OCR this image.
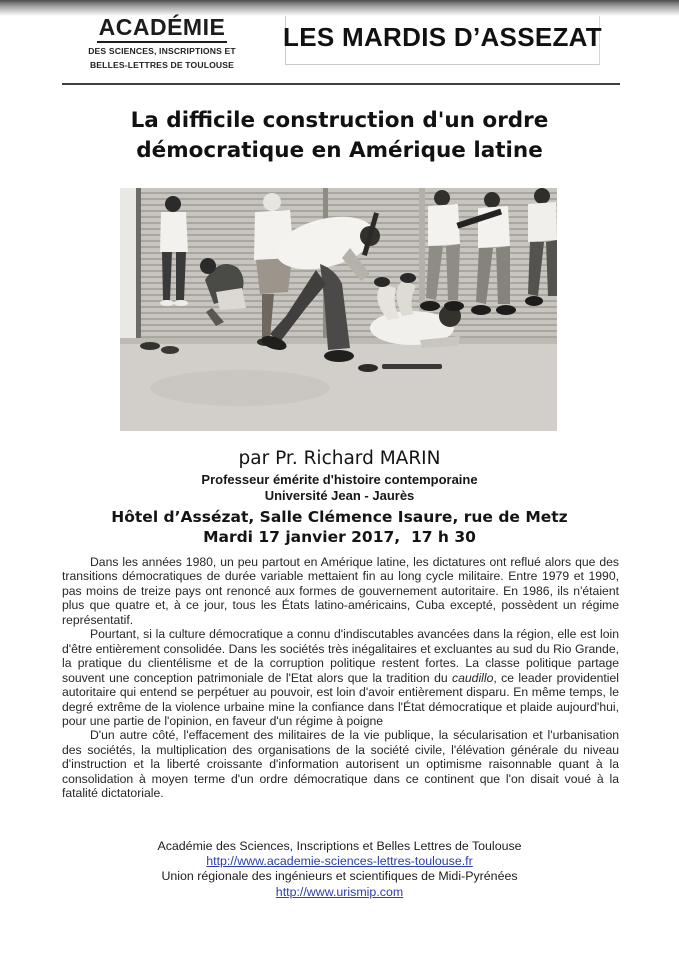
ACADÉMIE
DES SCIENCES, INSCRIPTIONS ET
BELLES-LETTRES DE TOULOUSE
LES MARDIS D’ASSEZAT
La difficile construction d'un ordre
démocratique en Amérique latine
par Pr. Richard MARIN
Professeur émérite d'histoire contemporaine
Université Jean - Jaurès
Hôtel d’Assézat, Salle Clémence Isaure, rue de Metz
Mardi 17 janvier 2017,  17 h 30

Dans les années 1980, un peu partout en Amérique latine, les dictatures ont reflué alors que des transitions démocratiques de durée variable mettaient fin au long cycle militaire. Entre 1979 et 1990, pas moins de treize pays ont renoncé aux formes de gouvernement autoritaire. En 1986, ils n'étaient plus que quatre et, à ce jour, tous les États latino-américains, Cuba excepté, possèdent un régime représentatif.

Pourtant, si la culture démocratique a connu d'indiscutables avancées dans la région, elle est loin d'être entièrement consolidée. Dans les sociétés très inégalitaires et excluantes au sud du Rio Grande, la pratique du clientélisme et de la corruption politique restent fortes. La classe politique partage souvent une conception patrimoniale de l'Etat alors que la tradition du caudillo, ce leader providentiel autoritaire qui entend se perpétuer au pouvoir, est loin d'avoir entièrement disparu. En même temps, le degré extrême de la violence urbaine mine la confiance dans l'État démocratique et plaide aujourd'hui, pour une partie de l'opinion, en faveur d'un régime à poigne

D'un autre côté, l'effacement des militaires de la vie publique, la sécularisation et l'urbanisation des sociétés, la multiplication des organisations de la société civile, l'élévation générale du niveau d'instruction et la liberté croissante d'information autorisent un optimisme raisonnable quant à la consolidation à moyen terme d'un ordre démocratique dans ce continent que l'on disait voué à la fatalité dictatoriale.

Académie des Sciences, Inscriptions et Belles Lettres de Toulouse
http://www.academie-sciences-lettres-toulouse.fr
Union régionale des ingénieurs et scientifiques de Midi-Pyrénées
http://www.urismip.com
